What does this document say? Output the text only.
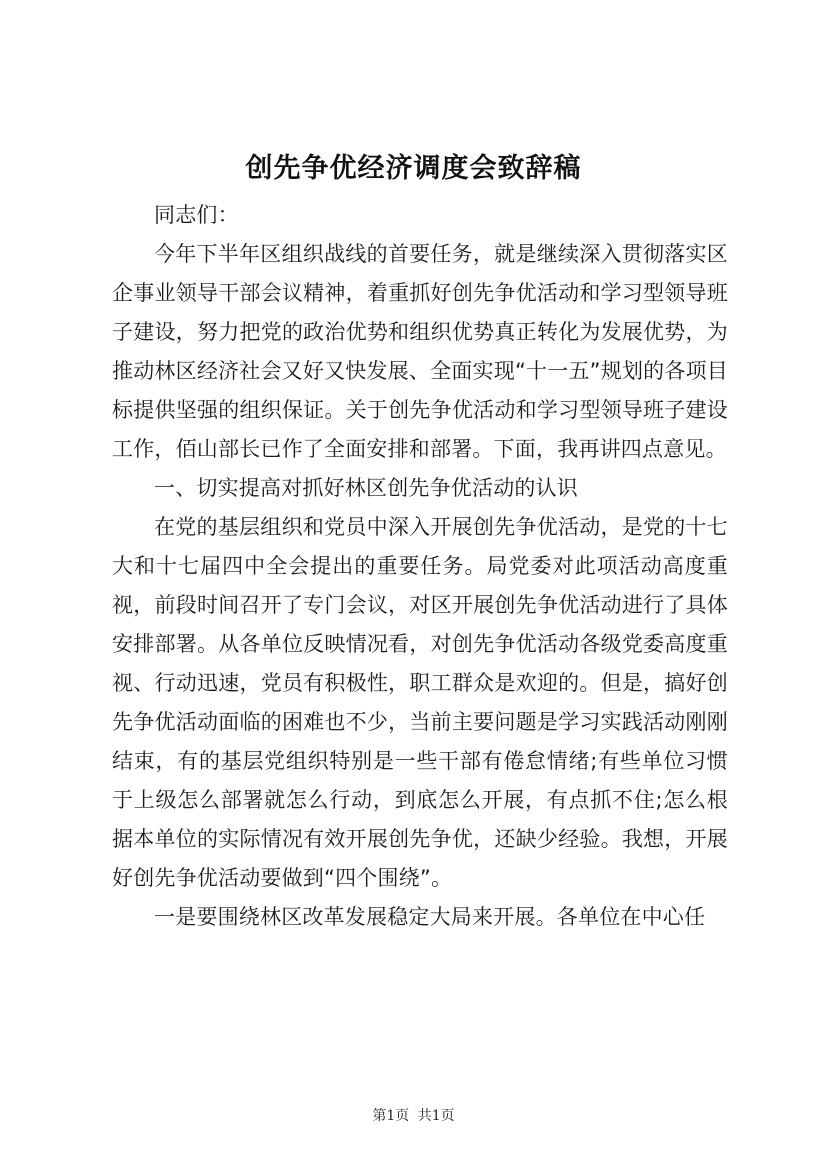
创先争优经济调度会致辞稿

同志们：

今年下半年区组织战线的首要任务，就是继续深入贯彻落实区企事业领导干部会议精神，着重抓好创先争优活动和学习型领导班子建设，努力把党的政治优势和组织优势真正转化为发展优势，为推动林区经济社会又好又快发展、全面实现“十一五”规划的各项目标提供坚强的组织保证。关于创先争优活动和学习型领导班子建设工作，佰山部长已作了全面安排和部署。下面，我再讲四点意见。

一、切实提高对抓好林区创先争优活动的认识

在党的基层组织和党员中深入开展创先争优活动，是党的十七大和十七届四中全会提出的重要任务。局党委对此项活动高度重视，前段时间召开了专门会议，对区开展创先争优活动进行了具体安排部署。从各单位反映情况看，对创先争优活动各级党委高度重视、行动迅速，党员有积极性，职工群众是欢迎的。但是，搞好创先争优活动面临的困难也不少，当前主要问题是学习实践活动刚刚结束，有的基层党组织特别是一些干部有倦怠情绪;有些单位习惯于上级怎么部署就怎么行动，到底怎么开展，有点抓不住;怎么根据本单位的实际情况有效开展创先争优，还缺少经验。我想，开展好创先争优活动要做到“四个围绕”。

一是要围绕林区改革发展稳定大局来开展。各单位在中心任

第1页 共1页
